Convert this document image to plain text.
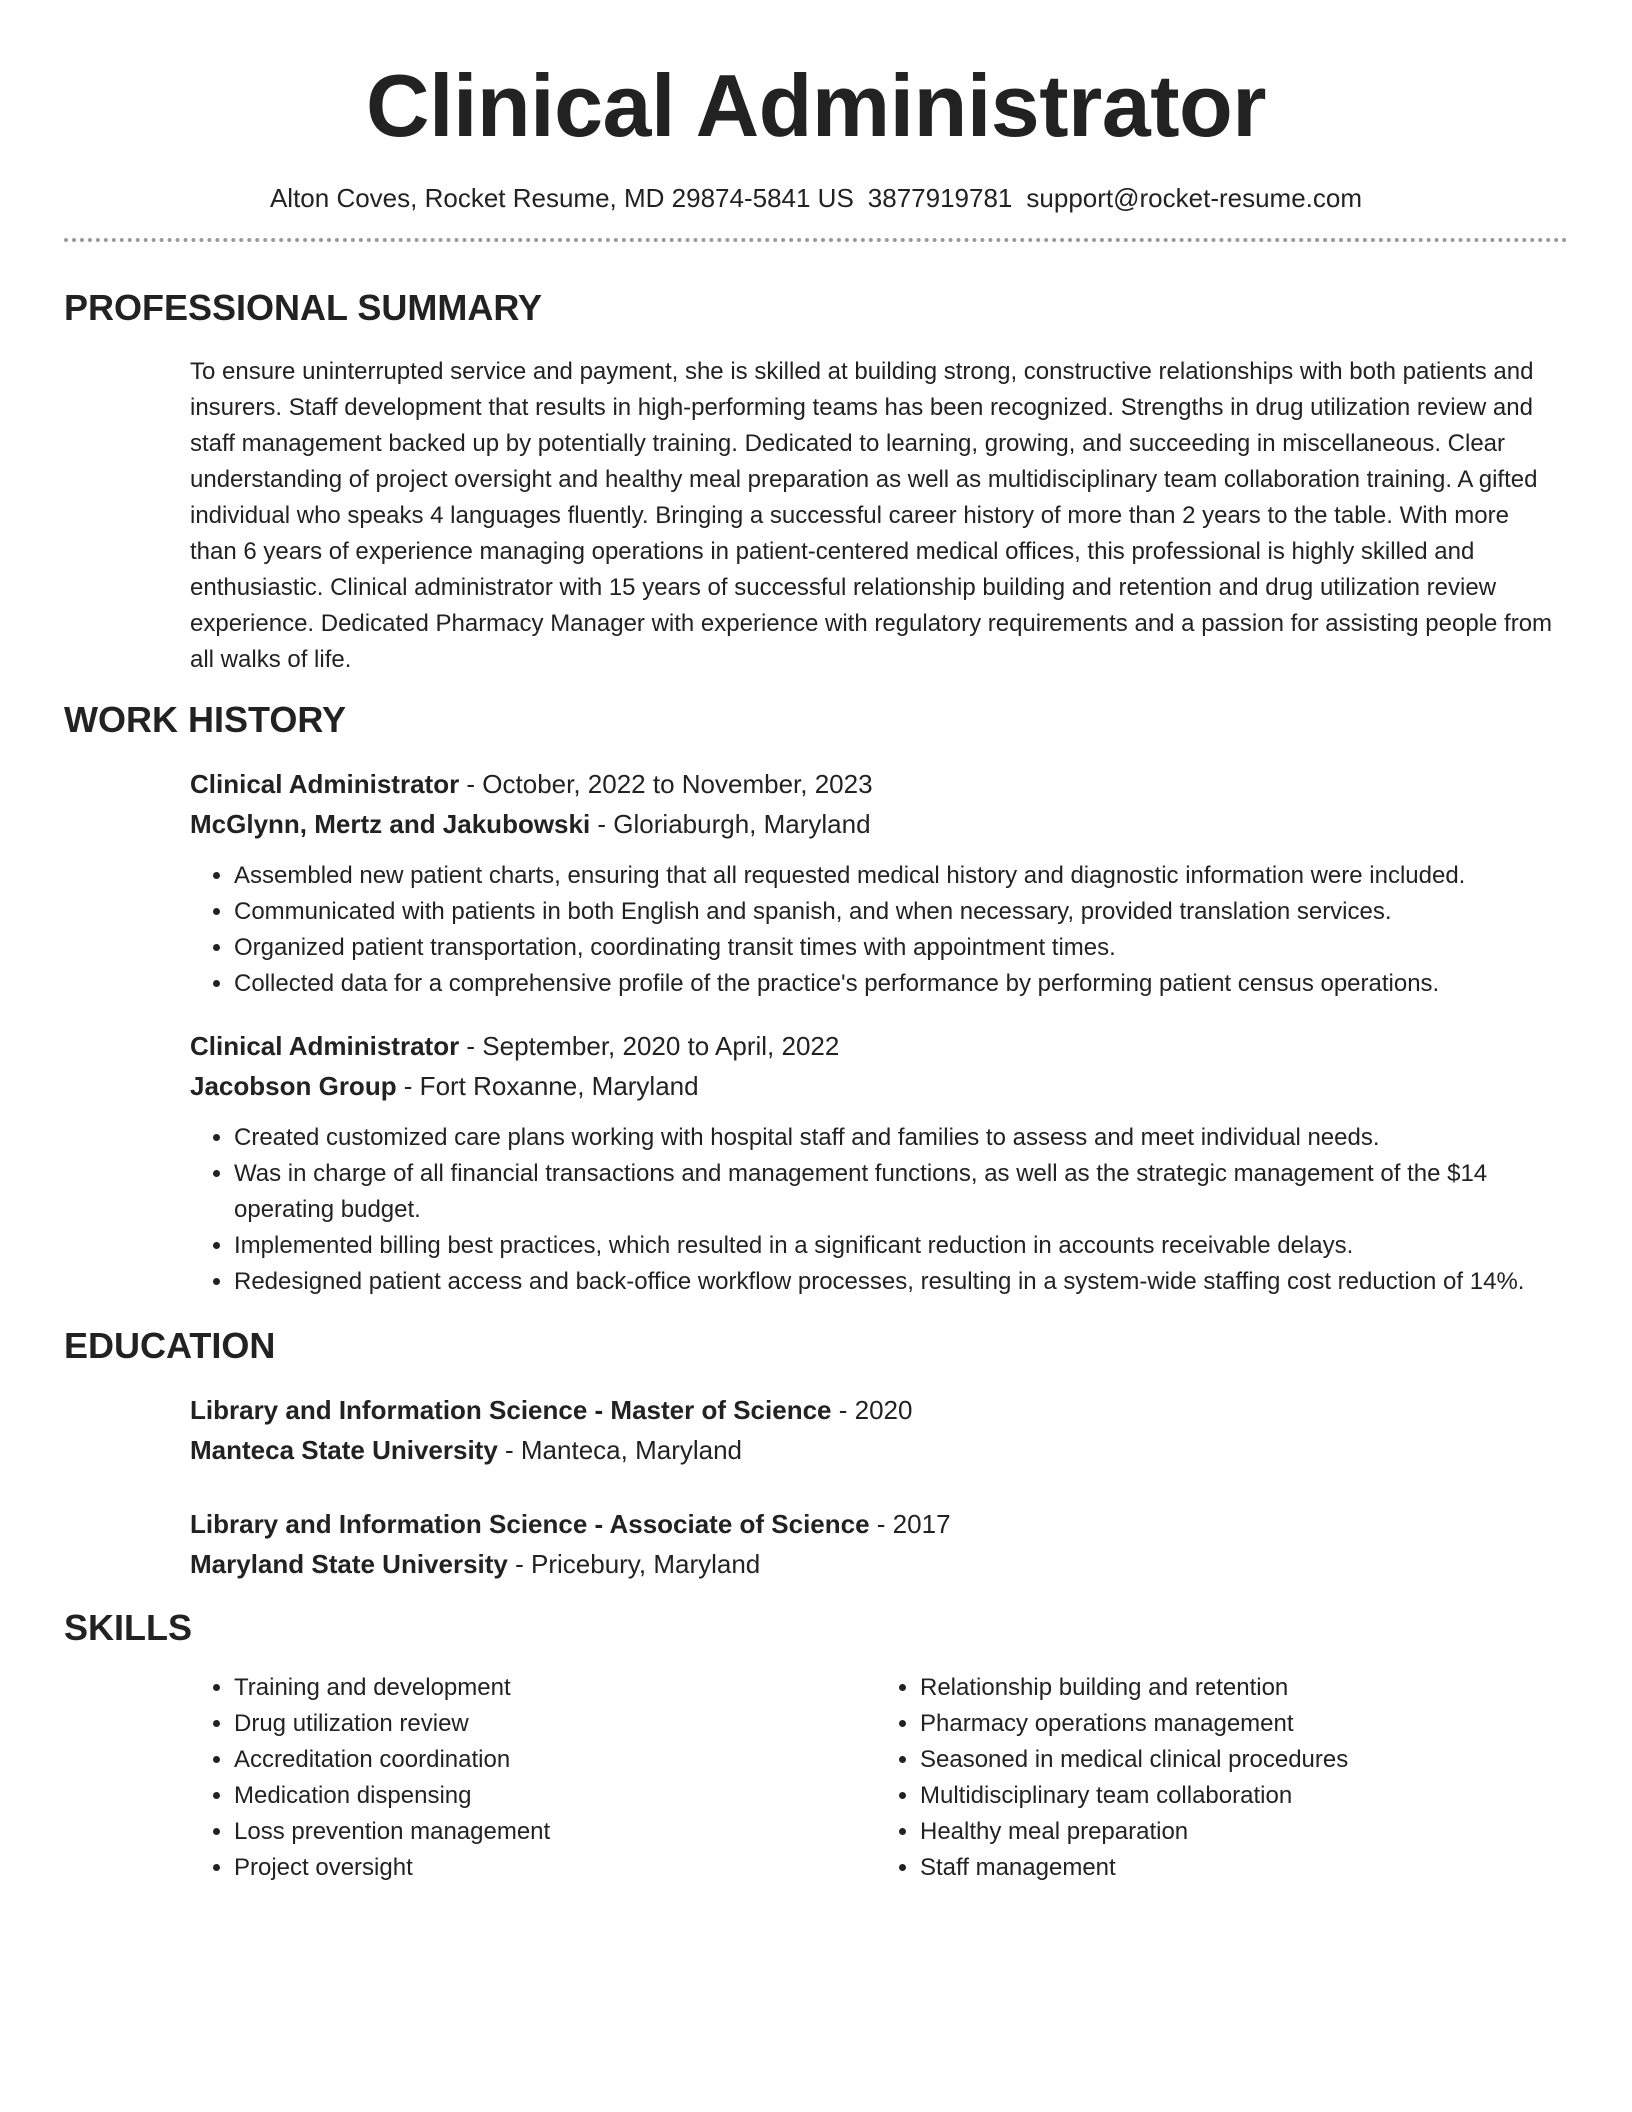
Clinical Administrator
Alton Coves, Rocket Resume, MD 29874-5841 US 3877919781 support@rocket-resume.com
PROFESSIONAL SUMMARY
To ensure uninterrupted service and payment, she is skilled at building strong, constructive relationships with both patients and insurers. Staff development that results in high-performing teams has been recognized. Strengths in drug utilization review and staff management backed up by potentially training. Dedicated to learning, growing, and succeeding in miscellaneous. Clear understanding of project oversight and healthy meal preparation as well as multidisciplinary team collaboration training. A gifted individual who speaks 4 languages fluently. Bringing a successful career history of more than 2 years to the table. With more than 6 years of experience managing operations in patient-centered medical offices, this professional is highly skilled and enthusiastic. Clinical administrator with 15 years of successful relationship building and retention and drug utilization review experience. Dedicated Pharmacy Manager with experience with regulatory requirements and a passion for assisting people from all walks of life.
WORK HISTORY
Clinical Administrator - October, 2022 to November, 2023
McGlynn, Mertz and Jakubowski - Gloriaburgh, Maryland
• Assembled new patient charts, ensuring that all requested medical history and diagnostic information were included.
• Communicated with patients in both English and spanish, and when necessary, provided translation services.
• Organized patient transportation, coordinating transit times with appointment times.
• Collected data for a comprehensive profile of the practice's performance by performing patient census operations.
Clinical Administrator - September, 2020 to April, 2022
Jacobson Group - Fort Roxanne, Maryland
• Created customized care plans working with hospital staff and families to assess and meet individual needs.
• Was in charge of all financial transactions and management functions, as well as the strategic management of the $14 operating budget.
• Implemented billing best practices, which resulted in a significant reduction in accounts receivable delays.
• Redesigned patient access and back-office workflow processes, resulting in a system-wide staffing cost reduction of 14%.
EDUCATION
Library and Information Science - Master of Science - 2020
Manteca State University - Manteca, Maryland
Library and Information Science - Associate of Science - 2017
Maryland State University - Pricebury, Maryland
SKILLS
• Training and development
• Drug utilization review
• Accreditation coordination
• Medication dispensing
• Loss prevention management
• Project oversight
• Relationship building and retention
• Pharmacy operations management
• Seasoned in medical clinical procedures
• Multidisciplinary team collaboration
• Healthy meal preparation
• Staff management
